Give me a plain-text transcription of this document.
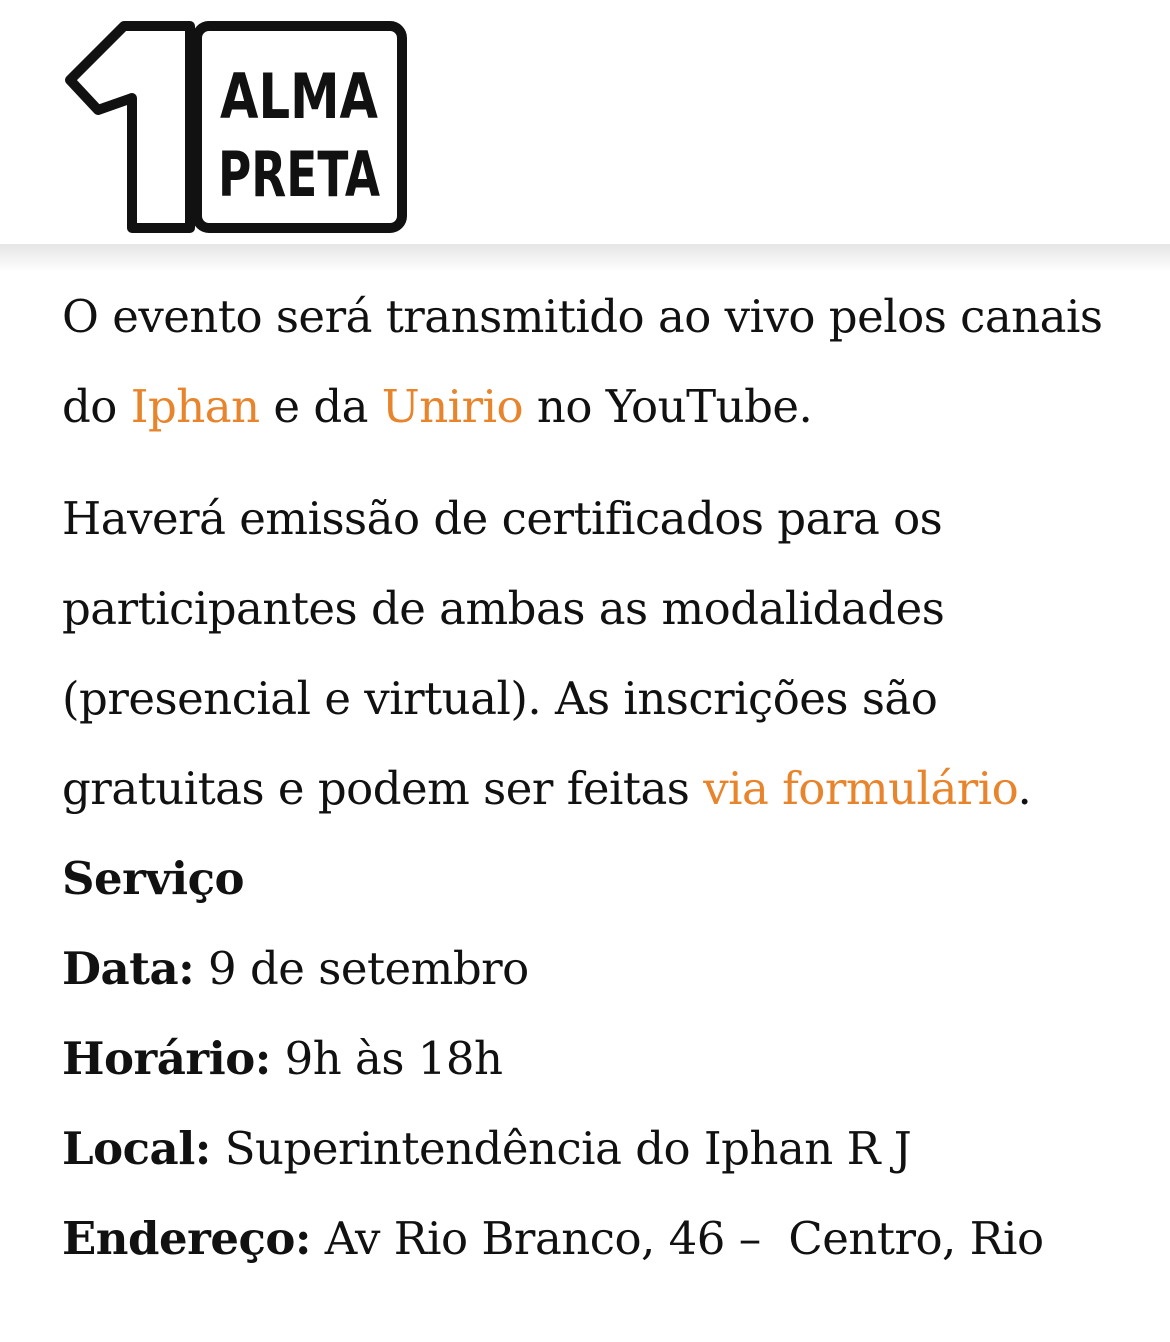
ALMA
PRETA

O evento será transmitido ao vivo pelos canais do Iphan e da Unirio no YouTube.

Haverá emissão de certificados para os participantes de ambas as modalidades (presencial e virtual). As inscrições são gratuitas e podem ser feitas via formulário.

Serviço

Data: 9 de setembro

Horário: 9h às 18h

Local: Superintendência do Iphan R J

Endereço: Av Rio Branco, 46 –  Centro, Rio
